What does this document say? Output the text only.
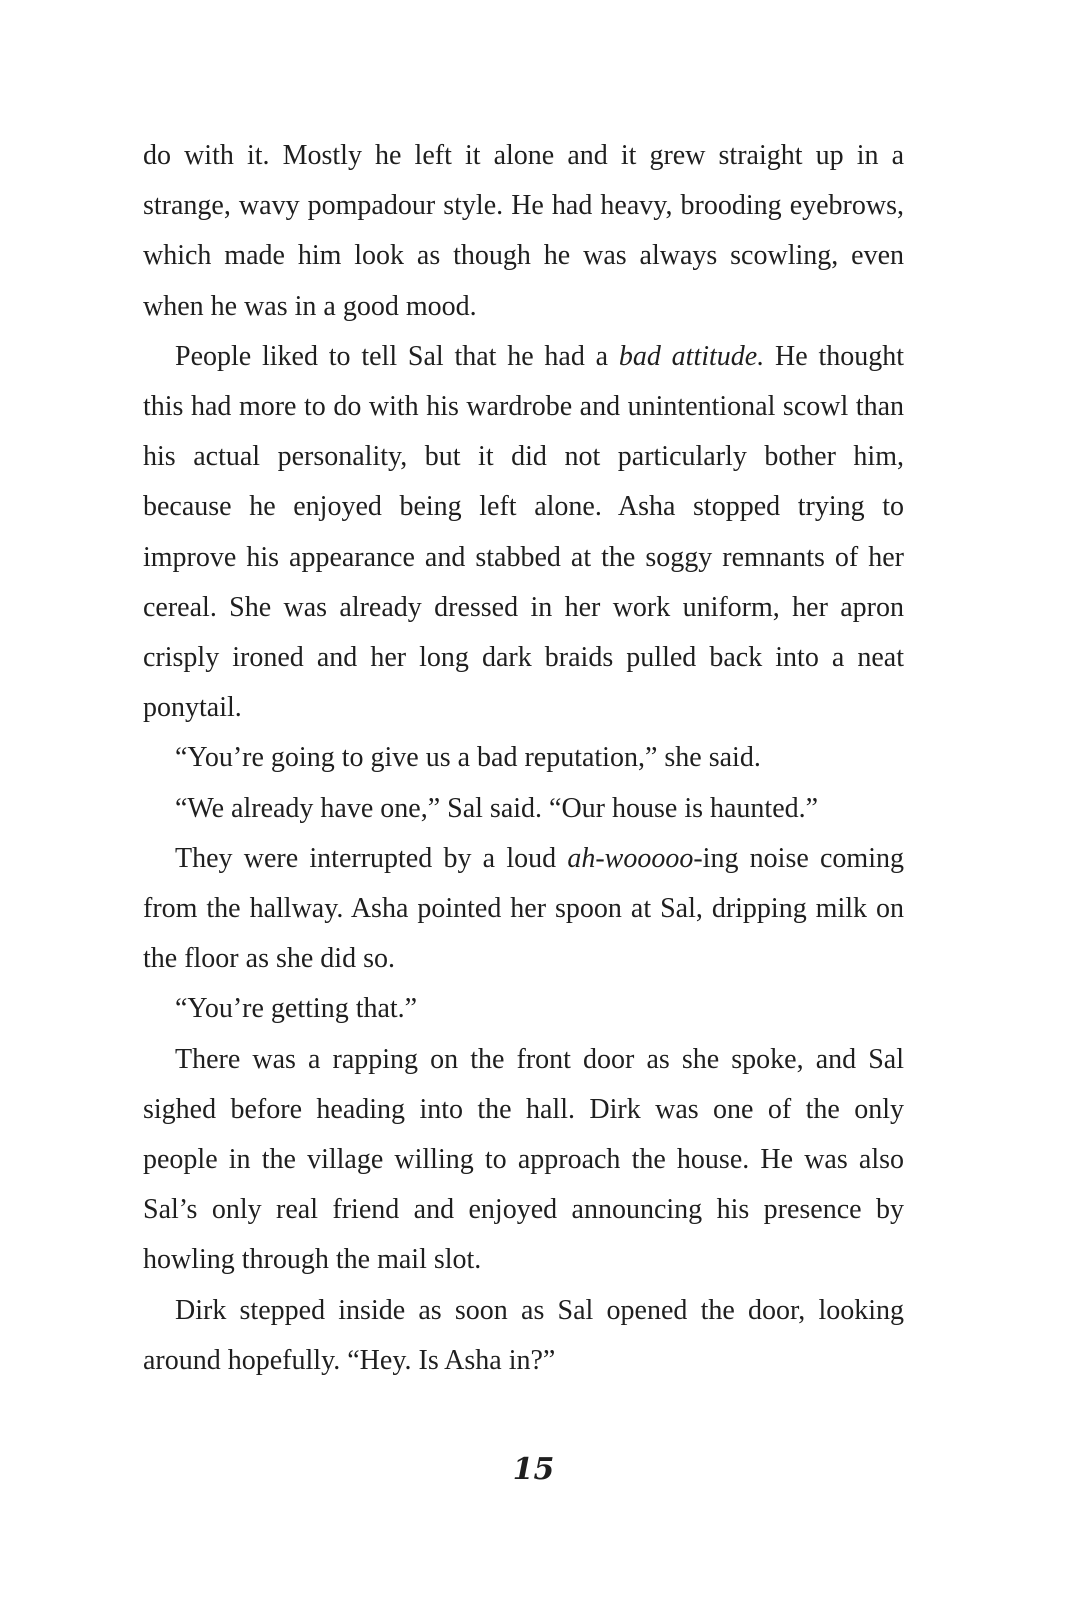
do with it. Mostly he left it alone and it grew straight up in a strange, wavy pompadour style. He had heavy, brooding eyebrows, which made him look as though he was always scowling, even when he was in a good mood.

People liked to tell Sal that he had a bad attitude. He thought this had more to do with his wardrobe and unintentional scowl than his actual personality, but it did not particularly bother him, because he enjoyed being left alone. Asha stopped trying to improve his appearance and stabbed at the soggy remnants of her cereal. She was already dressed in her work uniform, her apron crisply ironed and her long dark braids pulled back into a neat ponytail.

“You’re going to give us a bad reputation,” she said.

“We already have one,” Sal said. “Our house is haunted.”

They were interrupted by a loud ah-wooooo-ing noise coming from the hallway. Asha pointed her spoon at Sal, dripping milk on the floor as she did so.

“You’re getting that.”

There was a rapping on the front door as she spoke, and Sal sighed before heading into the hall. Dirk was one of the only people in the village willing to approach the house. He was also Sal’s only real friend and enjoyed announcing his presence by howling through the mail slot.

Dirk stepped inside as soon as Sal opened the door, looking around hopefully. “Hey. Is Asha in?”

15
